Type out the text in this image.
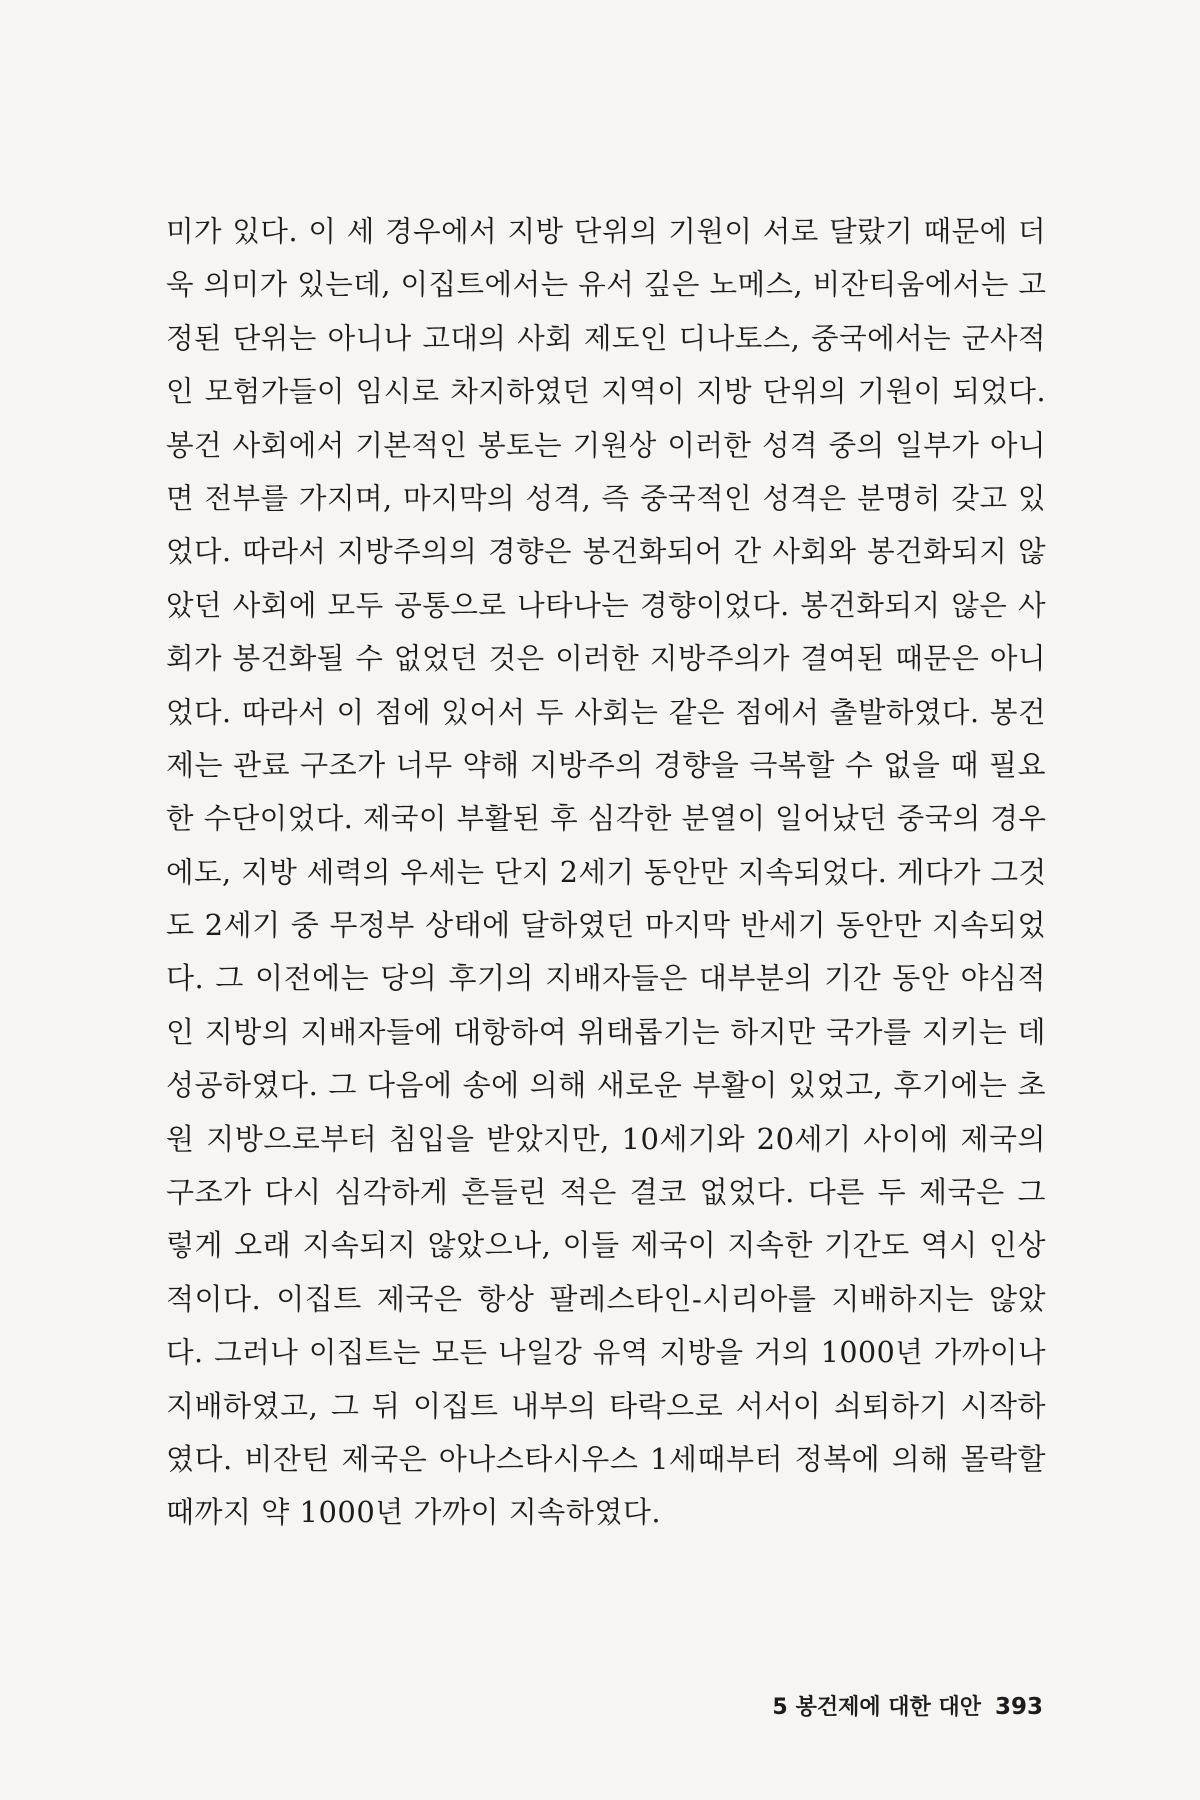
미가 있다. 이 세 경우에서 지방 단위의 기원이 서로 달랐기 때문에 더
욱 의미가 있는데, 이집트에서는 유서 깊은 노메스, 비잔티움에서는 고
정된 단위는 아니나 고대의 사회 제도인 디나토스, 중국에서는 군사적
인 모험가들이 임시로 차지하였던 지역이 지방 단위의 기원이 되었다.
봉건 사회에서 기본적인 봉토는 기원상 이러한 성격 중의 일부가 아니
면 전부를 가지며, 마지막의 성격, 즉 중국적인 성격은 분명히 갖고 있
었다. 따라서 지방주의의 경향은 봉건화되어 간 사회와 봉건화되지 않
았던 사회에 모두 공통으로 나타나는 경향이었다. 봉건화되지 않은 사
회가 봉건화될 수 없었던 것은 이러한 지방주의가 결여된 때문은 아니
었다. 따라서 이 점에 있어서 두 사회는 같은 점에서 출발하였다. 봉건
제는 관료 구조가 너무 약해 지방주의 경향을 극복할 수 없을 때 필요
한 수단이었다. 제국이 부활된 후 심각한 분열이 일어났던 중국의 경우
에도, 지방 세력의 우세는 단지 2세기 동안만 지속되었다. 게다가 그것
도 2세기 중 무정부 상태에 달하였던 마지막 반세기 동안만 지속되었
다. 그 이전에는 당의 후기의 지배자들은 대부분의 기간 동안 야심적
인 지방의 지배자들에 대항하여 위태롭기는 하지만 국가를 지키는 데
성공하였다. 그 다음에 송에 의해 새로운 부활이 있었고, 후기에는 초
원 지방으로부터 침입을 받았지만, 10세기와 20세기 사이에 제국의
구조가 다시 심각하게 흔들린 적은 결코 없었다. 다른 두 제국은 그
렇게 오래 지속되지 않았으나, 이들 제국이 지속한 기간도 역시 인상
적이다. 이집트 제국은 항상 팔레스타인-시리아를 지배하지는 않았
다. 그러나 이집트는 모든 나일강 유역 지방을 거의 1000년 가까이나
지배하였고, 그 뒤 이집트 내부의 타락으로 서서이 쇠퇴하기 시작하
였다. 비잔틴 제국은 아나스타시우스 1세때부터 정복에 의해 몰락할
때까지 약 1000년 가까이 지속하였다.
5 봉건제에 대한 대안 393
